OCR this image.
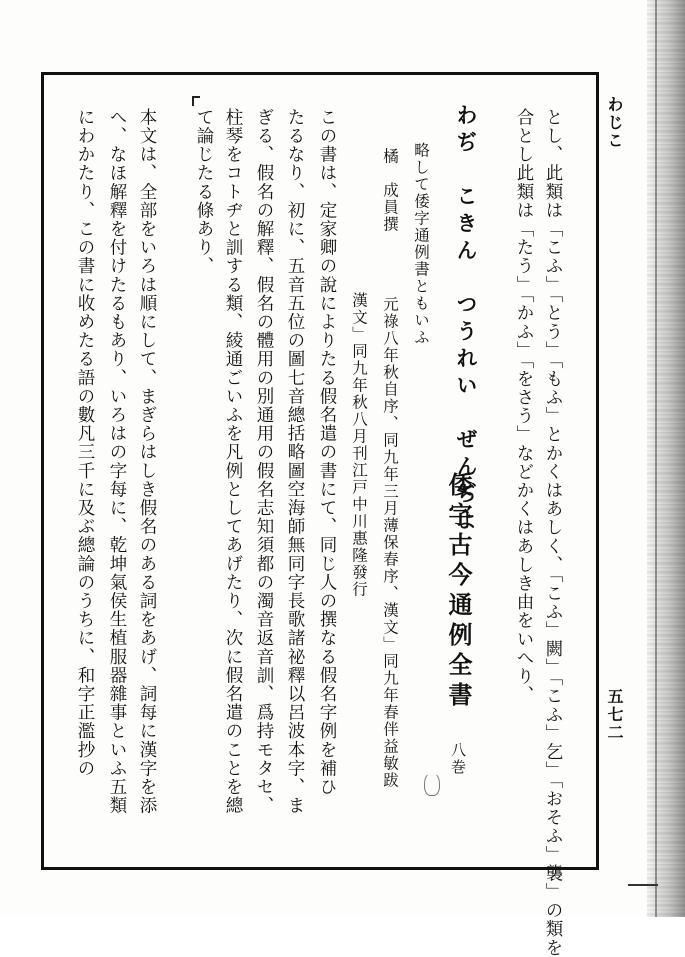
わじこ
五七二
とし、此類は「こふ」「とう」「もふ」とかくはあしく、「こふ」闕」「こふ」乞」「おそふ」襲」の類を
合とし此類は「たう」「かふ」「をさう」などかくはあしき由をいへり、
わぢ　こきん　つうれい　ぜんぢよ
倭字古今通例全書　八巻
略して倭字通例書ともいふ
橘　成員撰
元祿八年秋自序、同九年三月薄保春序、漢文」同九年春伴益敏跋
漢文」同九年秋八月刊江戸中川惠隆發行
この書は、定家卿の說によりたる假名遣の書にて、同じ人の撰なる假名字例を補ひ
たるなり、初に、五音五位の圖七音總括略圖空海師無同字長歌諸祕釋以呂波本字、ま
ぎる、假名の解釋、假名の體用の別通用の假名志知須都の濁音返音訓、爲持モタセ、
柱琴をコトヂと訓する類、綾通ごいふを凡例としてあげたり、次に假名遣のことを總
て論じたる條あり、
本文は、全部をいろは順にして、まぎらはしき假名のある詞をあげ、詞每に漢字を添
へ、なほ解釋を付けたるもあり、いろはの字每に、乾坤氣侯生植服器雜事といふ五類
にわかたり、この書に收めたる語の數凡三千に及ぶ總論のうちに、和字正濫抄の
